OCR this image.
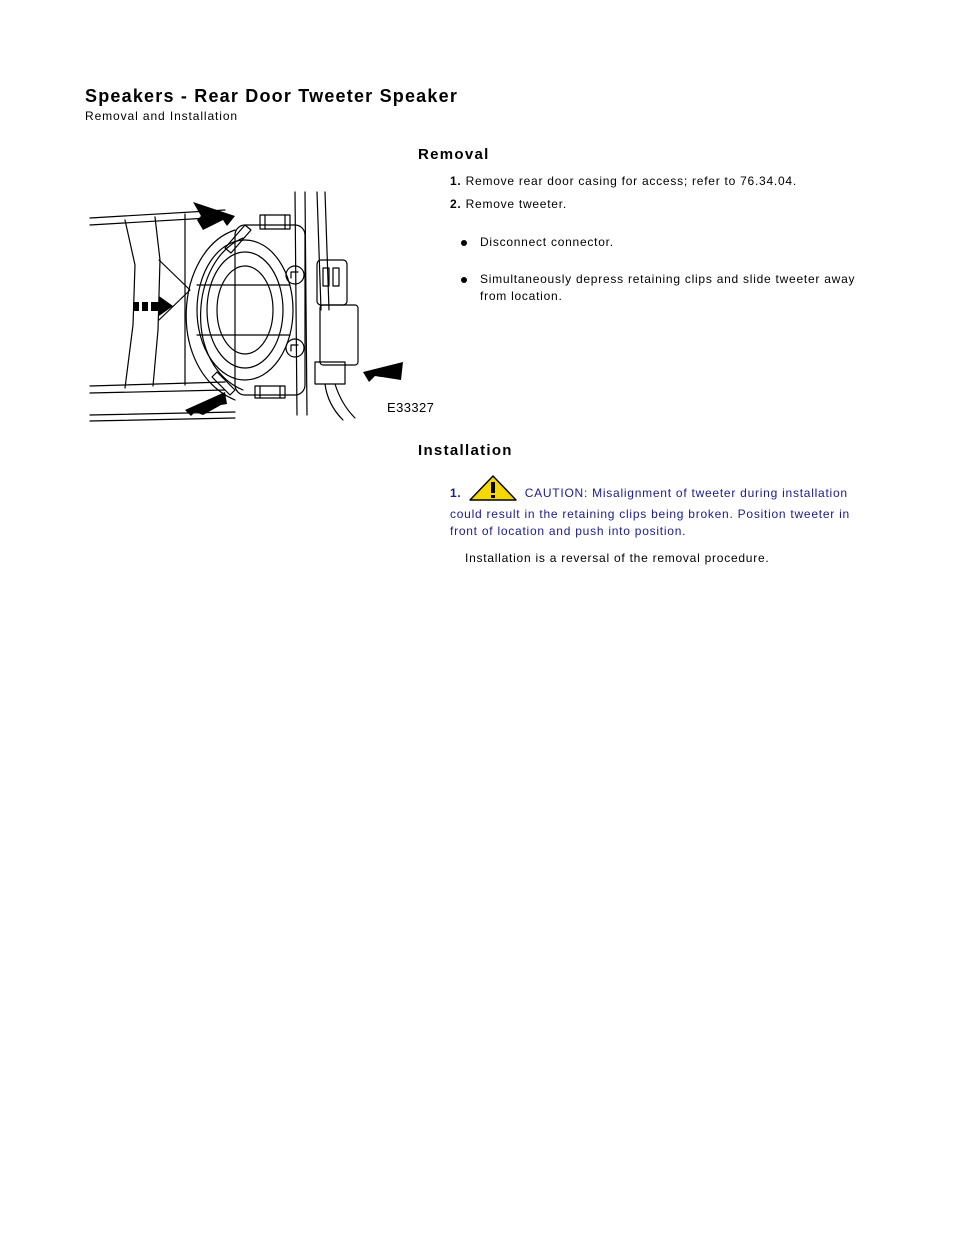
Speakers - Rear Door Tweeter Speaker
Removal and Installation
Removal
E33327
1. Remove rear door casing for access; refer to 76.34.04.
2. Remove tweeter.
Disconnect connector.
Simultaneously depress retaining clips and slide tweeter away from location.
Installation
1.	CAUTION: Misalignment of tweeter during installation could result in the retaining clips being broken. Position tweeter in front of location and push into position.
Installation is a reversal of the removal procedure.
